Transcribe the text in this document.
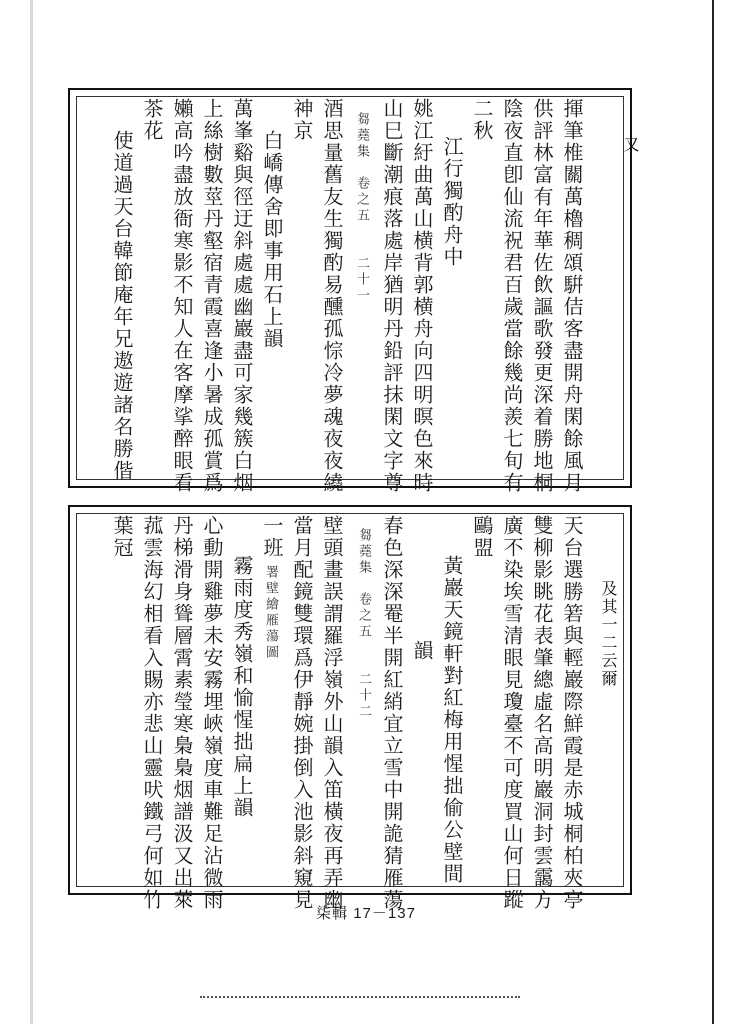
又
揮筆椎關萬櫓稠頌騈佶客盡開舟閑餘風月
供評林富有年華佐飲謳歌發更深着勝地桐
陰夜直卽仙流祝君百歲當餘幾尚羨七旬有
二秋
江行獨酌舟中
姚江紆曲萬山横背郭横舟向四明暝色來時
山巳斷潮痕落處岸猶明丹鉛評抹閑文字尊
芻蕘集　卷之五　　二十一
酒思量舊友生獨酌易醺孤悰冷夢魂夜夜繞
神京
白嶠傳舍即事用石上韻
萬峯谿與徑迂斜處處幽巖盡可家幾簇白烟
上絲樹數莖丹壑宿青霞喜逢小暑成孤賞爲
嬾高吟盡放衙寒影不知人在客摩挲醉眼看
茶花
使道過天台韓節庵年兄遨遊諸名勝偕
及其一二云爾
天台選勝箬與輕巖際鮮霞是赤城桐柏夾亭
雙柳影眺花表肇總虛名高明巖洞封雲靄方
廣不染埃雪清眼見瓊臺不可度買山何日蹤
鷗盟
黃巖天鏡軒對紅梅用惺拙偷公壁間
韻
春色深深罨半開紅綃宜立雪中開詭猜雁蕩
芻蕘集　卷之五　　二十二
壁頭畫誤謂羅浮嶺外山韻入笛橫夜再弄幽
當月配鏡雙環爲伊靜婉掛倒入池影斜窺見
一班
署壁繪雁蕩圖
霧雨度秀嶺和愉惺拙扁上韻
心動開雞夢未安霧埋峽嶺度車難足沾微雨
丹梯滑身聳層霄素瑩寒梟梟烟譜汲又出萊
菰雲海幻相看入賜亦悲山靈吠鐵弓何如竹
葉冠
柒輯 17－137
